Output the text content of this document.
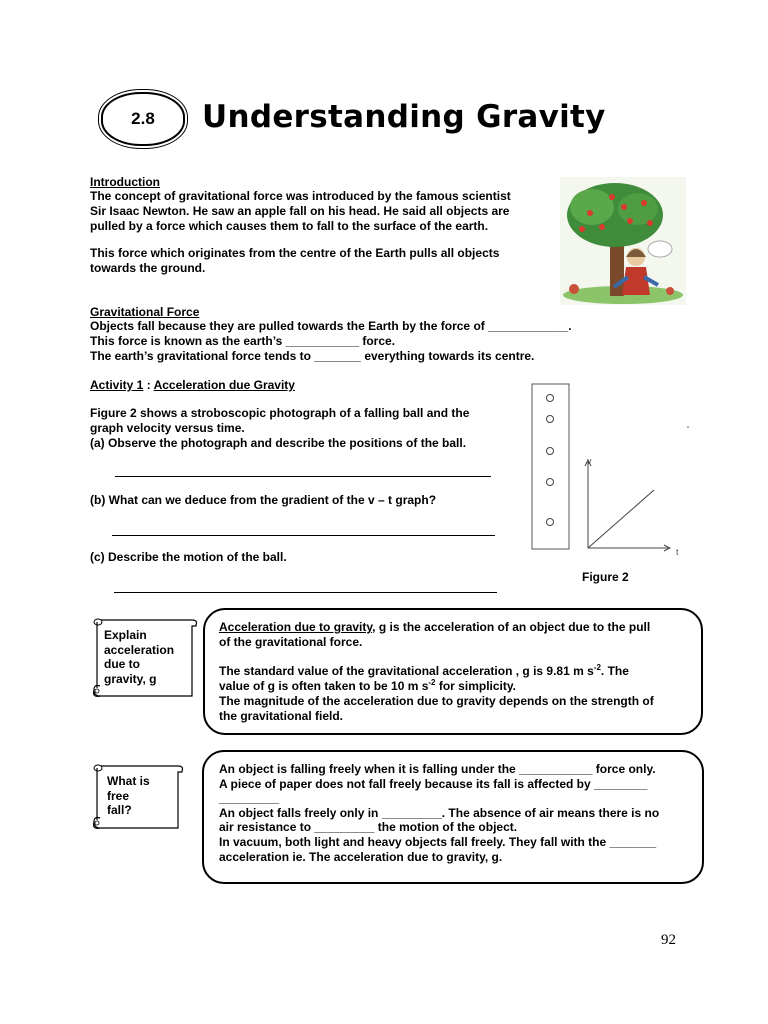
2.8 Understanding Gravity
Introduction
The concept of gravitational force was introduced by the famous scientist
Sir Isaac Newton. He saw an apple fall on his head. He said all objects are
pulled by a force which causes them to fall to the surface of the earth.
This force which originates from the centre of the Earth pulls all objects
towards the ground.
Gravitational Force
Objects fall because they are pulled towards the Earth by the force of ____________.
This force is known as the earth’s ___________ force.
The earth’s gravitational force tends to _______ everything towards its centre.
Activity 1 : Acceleration due Gravity
Figure 2 shows a stroboscopic photograph of a falling ball and the
graph velocity versus time.
(a) Observe the photograph and describe the positions of the ball.
(b) What can we deduce from the gradient of the v – t graph?
(c) Describe the motion of the ball.
v
t
Figure 2
Explain
acceleration
due to
gravity, g
Acceleration due to gravity, g is the acceleration of an object due to the pull
of the gravitational force.
The standard value of the gravitational acceleration , g is 9.81 m $s^{-2}$. The
value of g is often taken to be 10 m $s^{-2}$ for simplicity.
The magnitude of the acceleration due to gravity depends on the strength of
the gravitational field.
What is
free
fall?
An object is falling freely when it is falling under the ___________ force only.
A piece of paper does not fall freely because its fall is affected by ________
_________
An object falls freely only in _________. The absence of air means there is no
air resistance to _________ the motion of the object.
In vacuum, both light and heavy objects fall freely. They fall with the _______
acceleration ie. The acceleration due to gravity, g.
92
